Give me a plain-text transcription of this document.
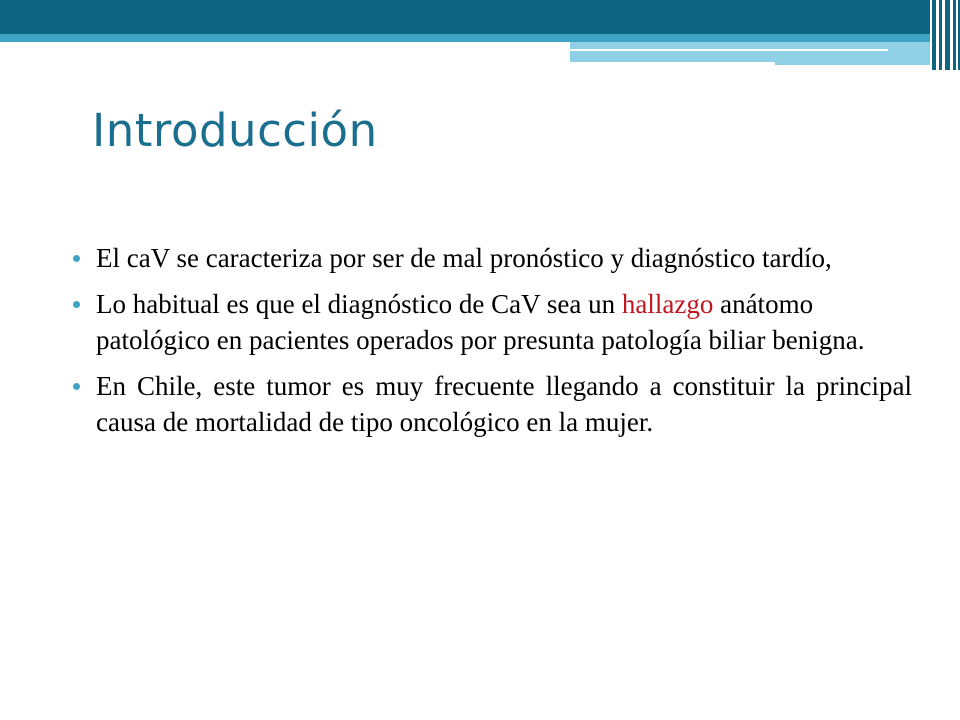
Introducción
El caV se caracteriza por ser de mal pronóstico y diagnóstico tardío,
Lo habitual es que el diagnóstico de CaV sea un hallazgo anátomo patológico en pacientes operados por presunta patología biliar benigna.
En Chile, este tumor es muy frecuente llegando a constituir la principal causa de mortalidad de tipo oncológico en la mujer.
